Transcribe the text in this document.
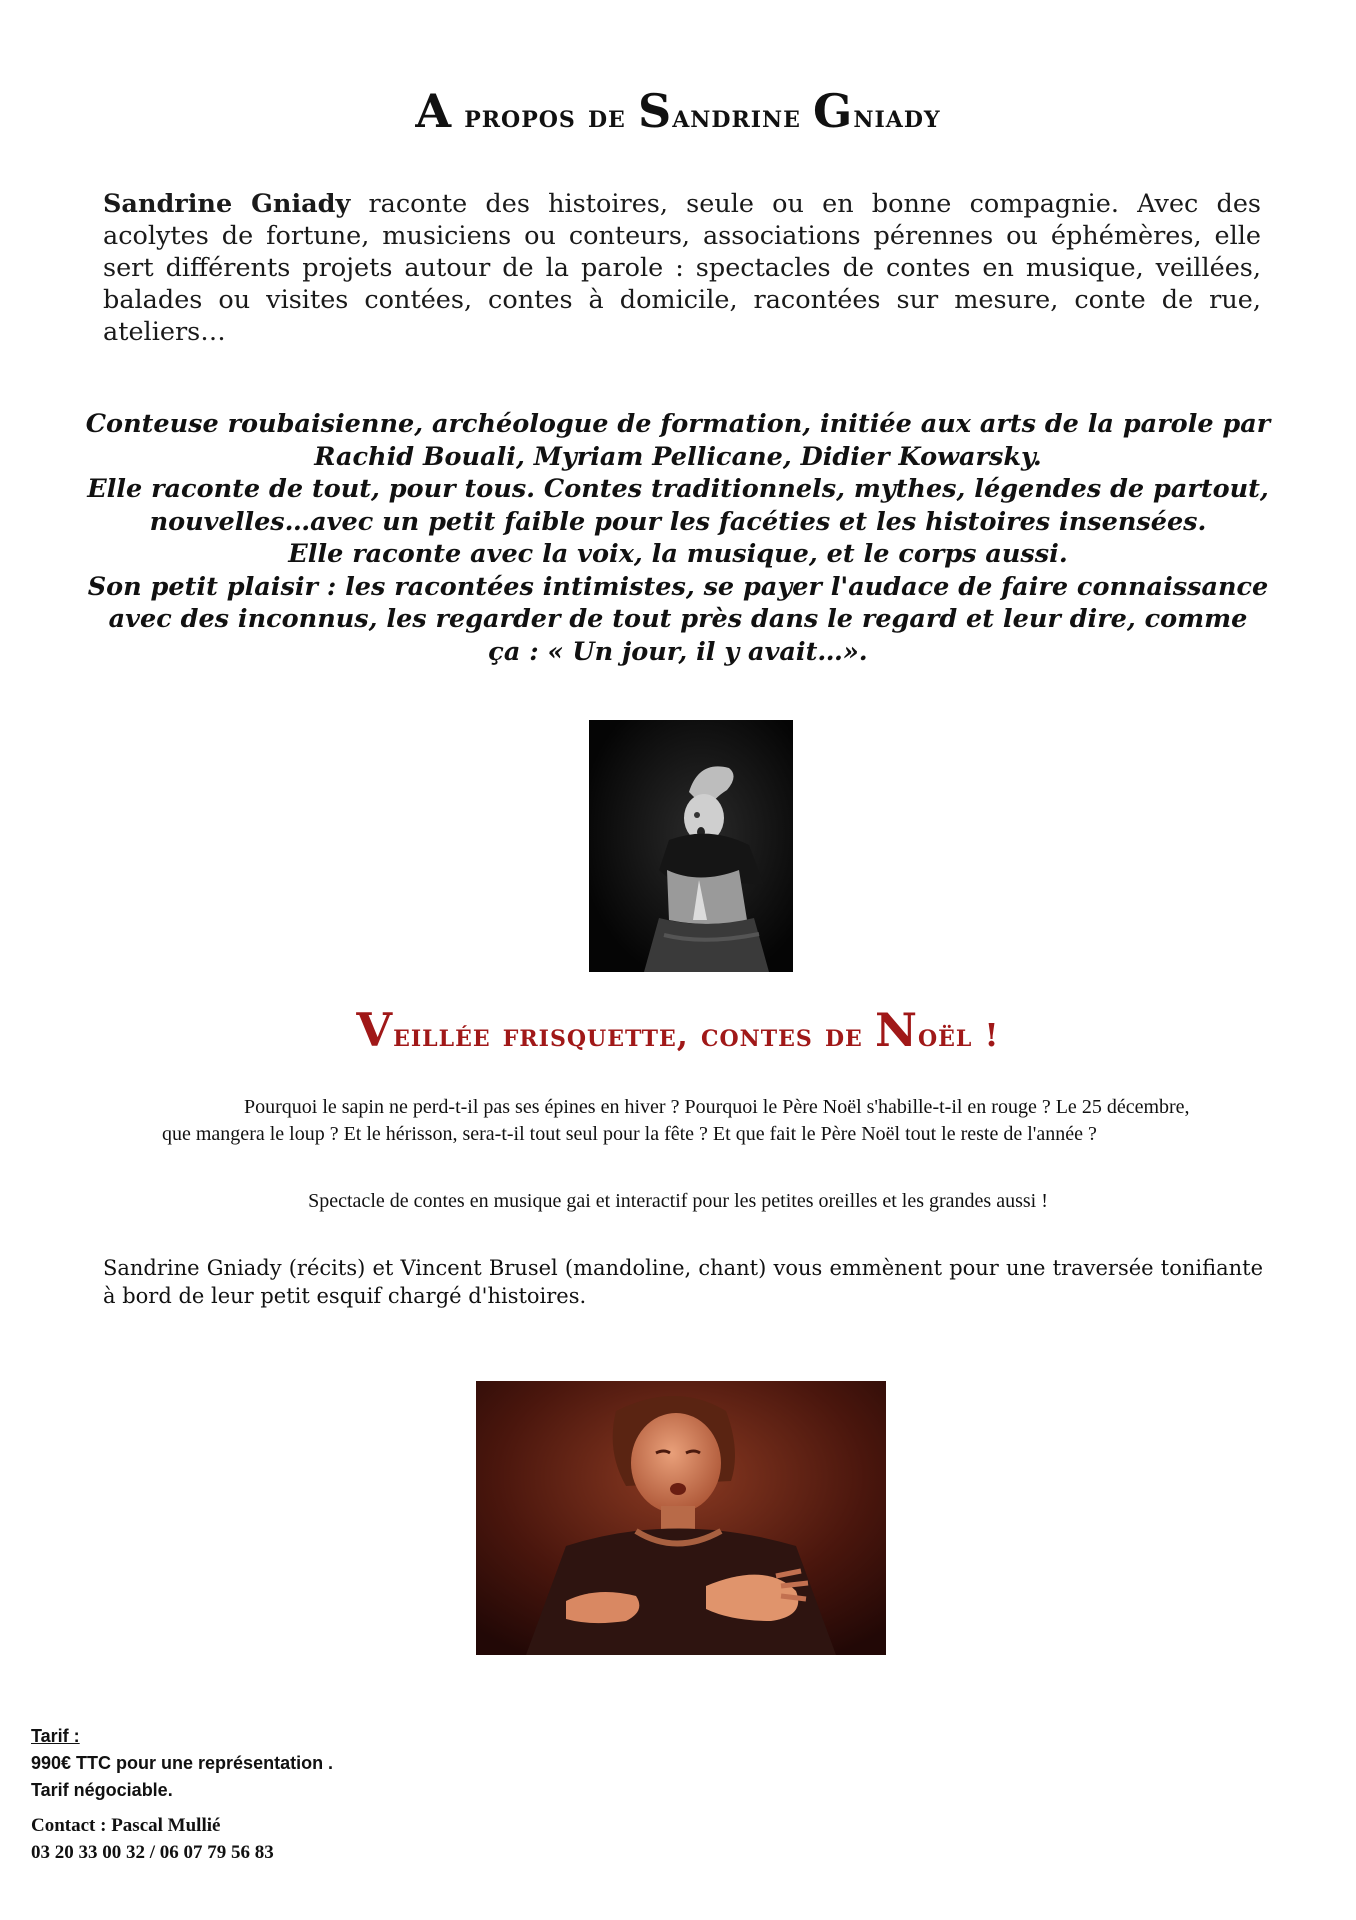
A propos de Sandrine Gniady
Sandrine Gniady raconte des histoires, seule ou en bonne compagnie. Avec des acolytes de fortune, musiciens ou conteurs, associations pérennes ou éphémères, elle sert différents projets autour de la parole : spectacles de contes en musique, veillées, balades ou visites contées, contes à domicile, racontées sur mesure, conte de rue, ateliers…

Conteuse roubaisienne, archéologue de formation, initiée aux arts de la parole par

Rachid Bouali, Myriam Pellicane, Didier Kowarsky.

Elle raconte de tout, pour tous. Contes traditionnels, mythes, légendes de partout,

nouvelles…avec un petit faible pour les facéties et les histoires insensées.

Elle raconte avec la voix, la musique, et le corps aussi.

Son petit plaisir : les racontées intimistes, se payer l'audace de faire connaissance

avec des inconnus, les regarder de tout près dans le regard et leur dire, comme

ça : « Un jour, il y avait…».

Veillée frisquette, contes de Noël !

Pourquoi le sapin ne perd-t-il pas ses épines en hiver ? Pourquoi le Père Noël s'habille-t-il en rouge ? Le 25 décembre, que mangera le loup ? Et le hérisson, sera-t-il tout seul pour la fête ? Et que fait le Père Noël tout le reste de l'année ?

Spectacle de contes en musique gai et interactif pour les petites oreilles et les grandes aussi !
Sandrine Gniady (récits) et Vincent Brusel (mandoline, chant) vous emmènent pour une traversée tonifiante à bord de leur petit esquif chargé d'histoires.
Tarif :
990€ TTC pour une représentation .
Tarif négociable.
Contact : Pascal Mullié
03 20 33 00 32 / 06 07 79 56 83
